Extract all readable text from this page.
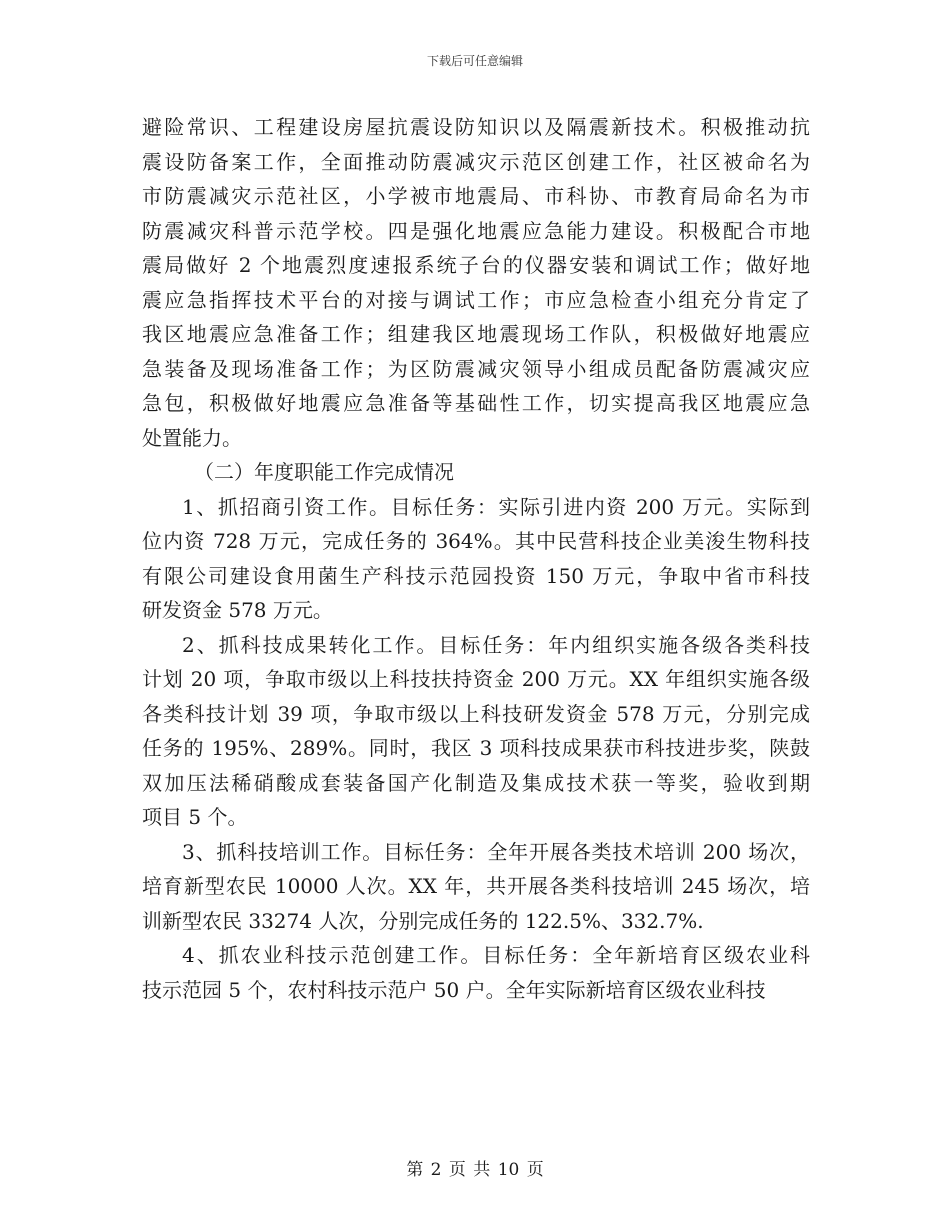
下载后可任意编辑
避险常识、工程建设房屋抗震设防知识以及隔震新技术。积极推动抗
震设防备案工作，全面推动防震减灾示范区创建工作，社区被命名为
市防震减灾示范社区，小学被市地震局、市科协、市教育局命名为市
防震减灾科普示范学校。四是强化地震应急能力建设。积极配合市地
震局做好 2 个地震烈度速报系统子台的仪器安装和调试工作；做好地
震应急指挥技术平台的对接与调试工作；市应急检查小组充分肯定了
我区地震应急准备工作；组建我区地震现场工作队，积极做好地震应
急装备及现场准备工作；为区防震减灾领导小组成员配备防震减灾应
急包，积极做好地震应急准备等基础性工作，切实提高我区地震应急
处置能力。
（二）年度职能工作完成情况
1、抓招商引资工作。目标任务：实际引进内资 200 万元。实际到
位内资 728 万元，完成任务的 364%。其中民营科技企业美浚生物科技
有限公司建设食用菌生产科技示范园投资 150 万元，争取中省市科技
研发资金 578 万元。
2、抓科技成果转化工作。目标任务：年内组织实施各级各类科技
计划 20 项，争取市级以上科技扶持资金 200 万元。XX 年组织实施各级
各类科技计划 39 项，争取市级以上科技研发资金 578 万元，分别完成
任务的 195%、289%。同时，我区 3 项科技成果获市科技进步奖，陕鼓
双加压法稀硝酸成套装备国产化制造及集成技术获一等奖，验收到期
项目 5 个。
3、抓科技培训工作。目标任务：全年开展各类技术培训 200 场次，
培育新型农民 10000 人次。XX 年，共开展各类科技培训 245 场次，培
训新型农民 33274 人次，分别完成任务的 122.5%、332.7%.
4、抓农业科技示范创建工作。目标任务：全年新培育区级农业科
技示范园 5 个，农村科技示范户 50 户。全年实际新培育区级农业科技
第 2 页 共 10 页
